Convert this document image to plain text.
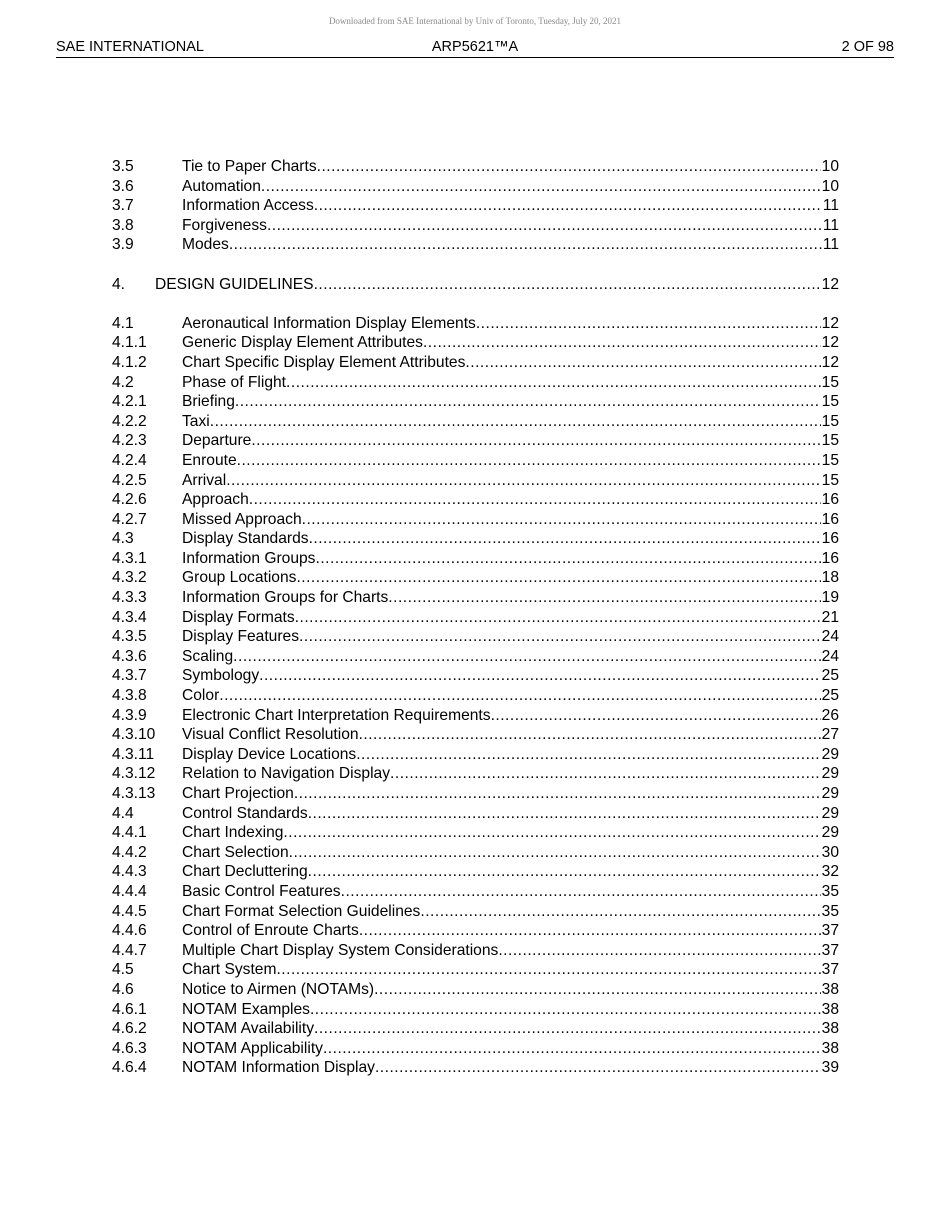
Downloaded from SAE International by Univ of Toronto, Tuesday, July 20, 2021
SAE INTERNATIONAL	ARP5621™A	2 OF 98
3.5	Tie to Paper Charts .....	10
3.6	Automation .....	10
3.7	Information Access .....	11
3.8	Forgiveness .....	11
3.9	Modes .....	11
4. DESIGN GUIDELINES .....	12
4.1	Aeronautical Information Display Elements .....	12
4.1.1 Generic Display Element Attributes .....	12
4.1.2 Chart Specific Display Element Attributes .....	12
4.2	Phase of Flight .....	15
4.2.1 Briefing .....	15
4.2.2 Taxi .....	15
4.2.3 Departure .....	15
4.2.4 Enroute .....	15
4.2.5 Arrival .....	15
4.2.6 Approach .....	16
4.2.7 Missed Approach .....	16
4.3	Display Standards .....	16
4.3.1 Information Groups .....	16
4.3.2 Group Locations .....	18
4.3.3 Information Groups for Charts .....	19
4.3.4 Display Formats .....	21
4.3.5 Display Features .....	24
4.3.6 Scaling .....	24
4.3.7 Symbology .....	25
4.3.8 Color .....	25
4.3.9 Electronic Chart Interpretation Requirements .....	26
4.3.10 Visual Conflict Resolution .....	27
4.3.11 Display Device Locations .....	29
4.3.12 Relation to Navigation Display .....	29
4.3.13 Chart Projection .....	29
4.4	Control Standards .....	29
4.4.1 Chart Indexing .....	29
4.4.2 Chart Selection .....	30
4.4.3 Chart Decluttering .....	32
4.4.4 Basic Control Features .....	35
4.4.5 Chart Format Selection Guidelines .....	35
4.4.6 Control of Enroute Charts .....	37
4.4.7 Multiple Chart Display System Considerations .....	37
4.5	Chart System .....	37
4.6	Notice to Airmen (NOTAMs) .....	38
4.6.1 NOTAM Examples .....	38
4.6.2 NOTAM Availability .....	38
4.6.3 NOTAM Applicability .....	38
4.6.4 NOTAM Information Display .....	39
